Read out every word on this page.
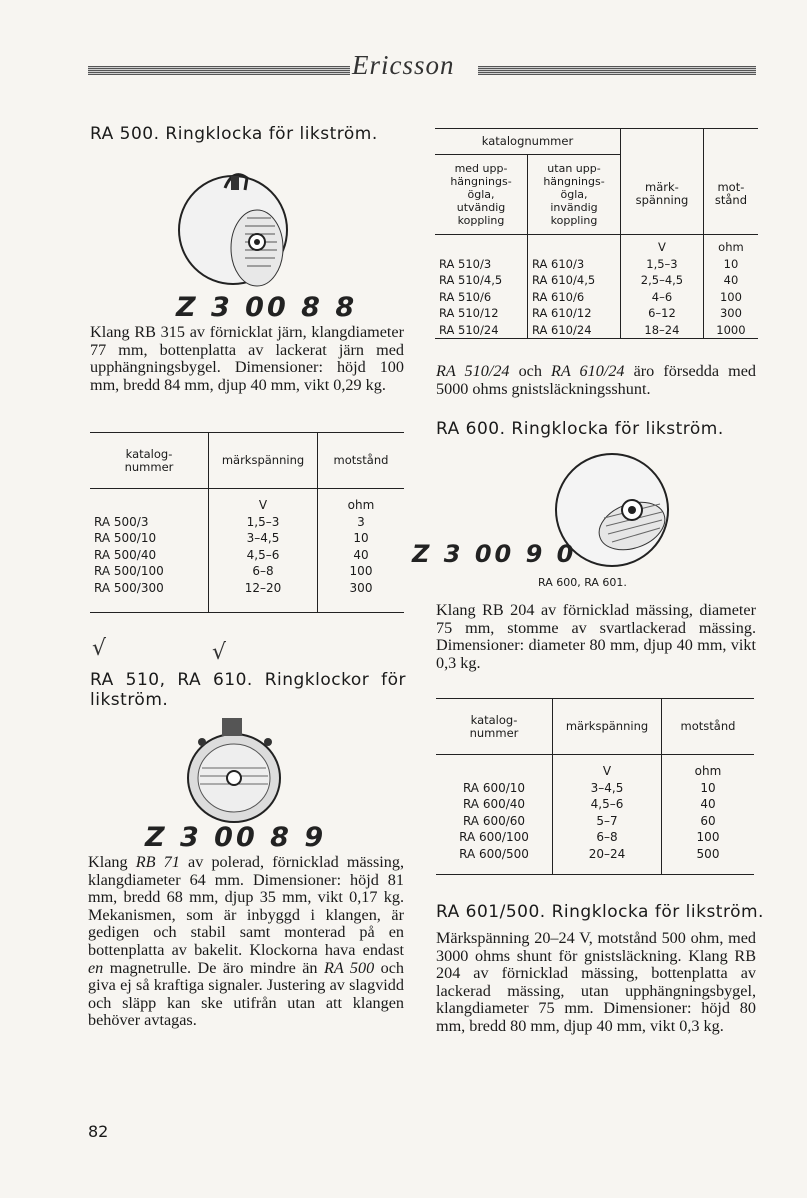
Ericsson
RA 500. Ringklocka för likström.
Z 3 00 8 8
Klang RB 315 av förnicklat järn, klangdiameter 77 mm, bottenplatta av lackerat järn med upphängningsbygel. Dimensioner: höjd 100 mm, bredd 84 mm, djup 40 mm, vikt 0,29 kg.
katalog-
nummer	märkspänning	motstånd
	V	ohm
RA 500/3	1,5–3	3
RA 500/10	3–4,5	10
RA 500/40	4,5–6	40
RA 500/100	6–8	100
RA 500/300	12–20	300
√	√
RA 510, RA 610. Ringklockor för likström.
Z 3 00 8 9
Klang RB 71 av polerad, förnicklad mässing, klangdiameter 64 mm. Dimensioner: höjd 81 mm, bredd 68 mm, djup 35 mm, vikt 0,17 kg. Mekanismen, som är inbyggd i klangen, är gedigen och stabil samt monterad på en bottenplatta av bakelit. Klockorna hava endast en magnetrulle. De äro mindre än RA 500 och giva ej så kraftiga signaler. Justering av slagvidd och släpp kan ske utifrån utan att klangen behöver avtagas.
katalognummer			
med upp-
hängnings-
ögla,
utvändig
koppling	utan upp-
hängnings-
ögla,
invändig
koppling	märk-
spänning	mot-
stånd
		V	ohm
RA 510/3	RA 610/3	1,5–3	10
RA 510/4,5	RA 610/4,5	2,5–4,5	40
RA 510/6	RA 610/6	4–6	100
RA 510/12	RA 610/12	6–12	300
RA 510/24	RA 610/24	18–24	1000
RA 510/24 och RA 610/24 äro försedda med 5000 ohms gnistsläckningsshunt.
RA 600. Ringklocka för likström.
Z 3 00 9 0
RA 600, RA 601.
Klang RB 204 av förnicklad mässing, diameter 75 mm, stomme av svartlackerad mässing. Dimensioner: diameter 80 mm, djup 40 mm, vikt 0,3 kg.
katalog-
nummer	märkspänning	motstånd
	V	ohm
RA 600/10	3–4,5	10
RA 600/40	4,5–6	40
RA 600/60	5–7	60
RA 600/100	6–8	100
RA 600/500	20–24	500
RA 601/500. Ringklocka för likström.
Märkspänning 20–24 V, motstånd 500 ohm, med 3000 ohms shunt för gnistsläckning. Klang RB 204 av förnicklad mässing, bottenplatta av lackerad mässing, utan upphängningsbygel, klangdiameter 75 mm. Dimensioner: höjd 80 mm, bredd 80 mm, djup 40 mm, vikt 0,3 kg.
82
